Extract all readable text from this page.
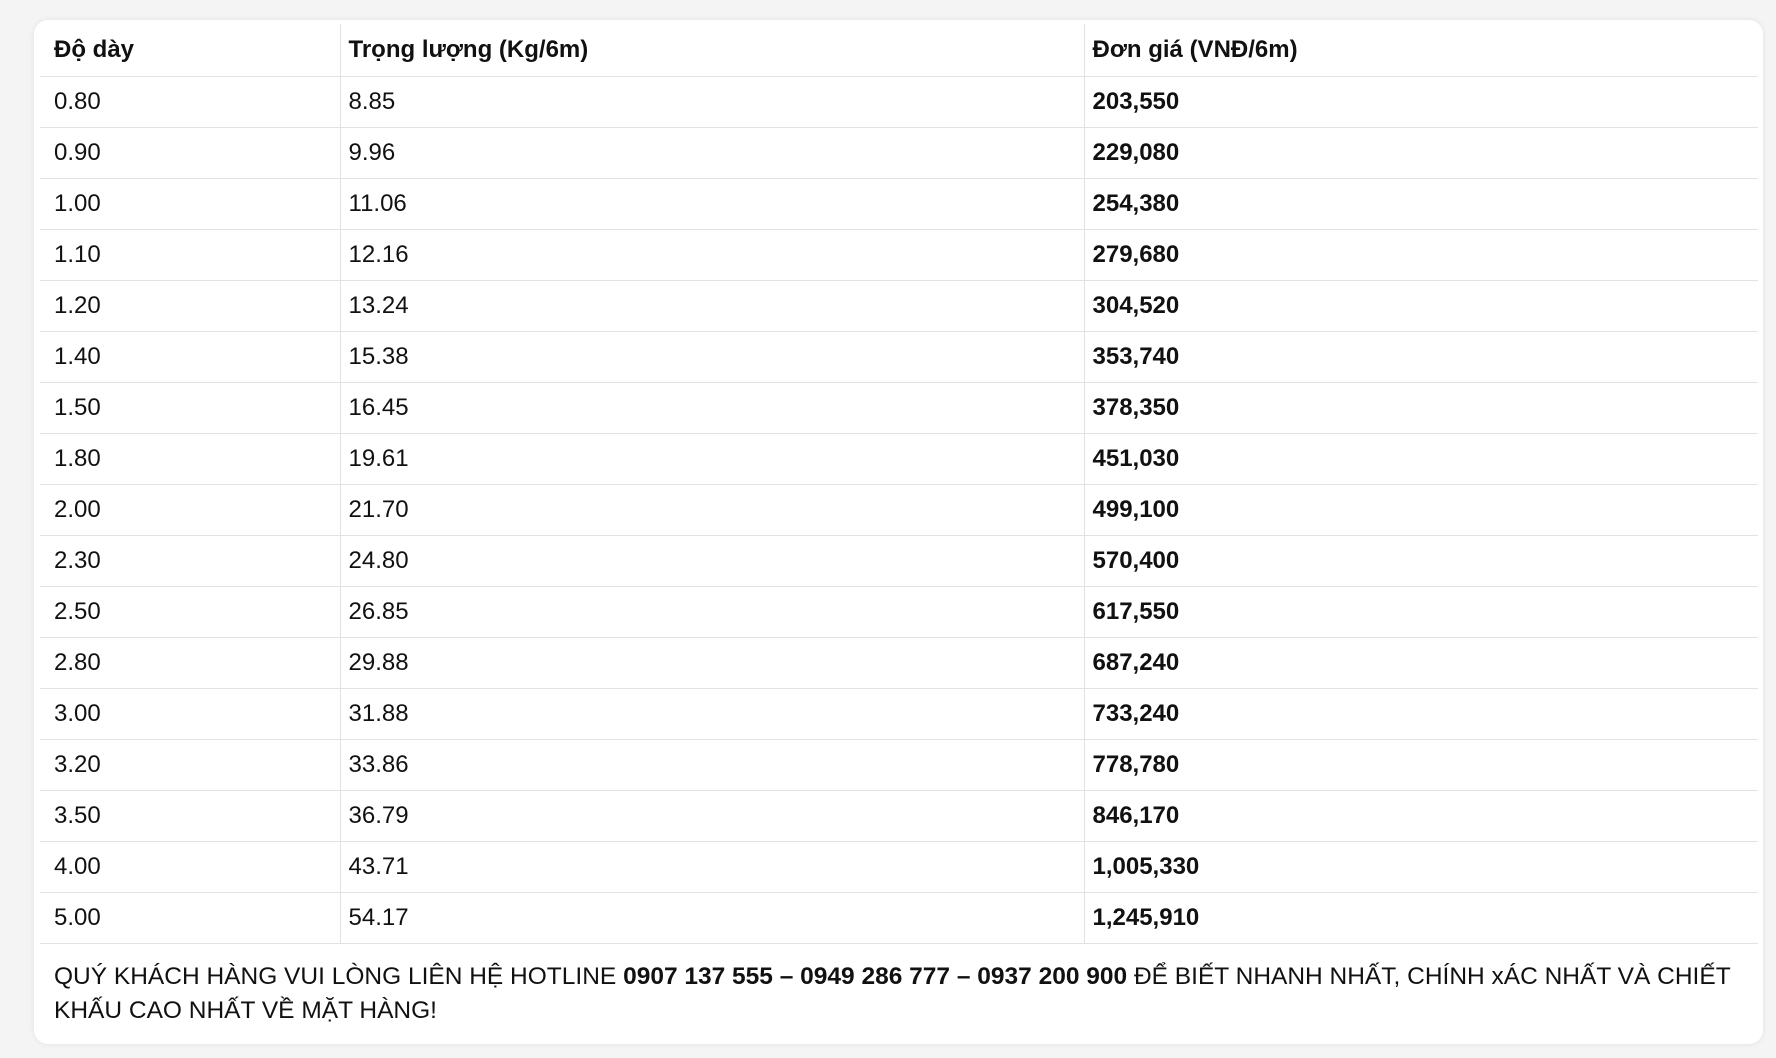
Độ dày	Trọng lượng (Kg/6m)	Đơn giá (VNĐ/6m)
0.80	8.85	203,550
0.90	9.96	229,080
1.00	11.06	254,380
1.10	12.16	279,680
1.20	13.24	304,520
1.40	15.38	353,740
1.50	16.45	378,350
1.80	19.61	451,030
2.00	21.70	499,100
2.30	24.80	570,400
2.50	26.85	617,550
2.80	29.88	687,240
3.00	31.88	733,240
3.20	33.86	778,780
3.50	36.79	846,170
4.00	43.71	1,005,330
5.00	54.17	1,245,910
QUÝ KHÁCH HÀNG VUI LÒNG LIÊN HỆ HOTLINE 0907 137 555 – 0949 286 777 – 0937 200 900 ĐỂ BIẾT NHANH NHẤT, CHÍNH xÁC NHẤT VÀ CHIẾT KHẤU CAO NHẤT VỀ MẶT HÀNG!
